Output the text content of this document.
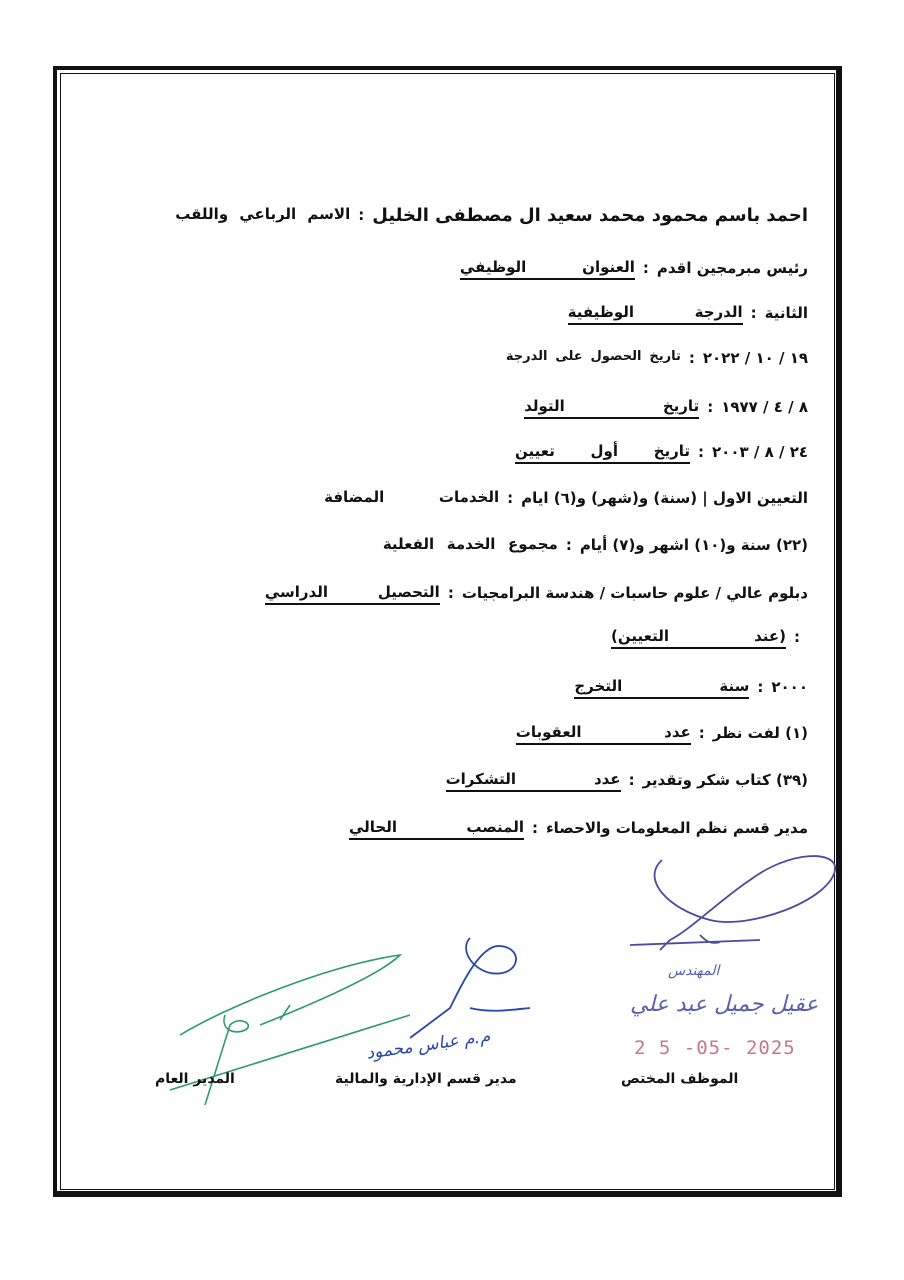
الاسم الرباعي واللقب : احمد باسم محمود محمد سعيد ال مصطفى الخليل
العنوان الوظيفي : رئيس مبرمجين اقدم
الدرجة الوظيفية : الثانية
تاريخ الحصول على الدرجة : ١٩ / ١٠ / ٢٠٢٢
تاريخ التولد : ٨ / ٤ / ١٩٧٧
تاريخ أول تعيين : ٢٤ / ٨ / ٢٠٠٣
الخدمات المضافة : التعيين الاول | (سنة) و(شهر) و(٦) ايام
مجموع الخدمة الفعلية : (٢٢) سنة و(١٠) اشهر و(٧) أيام
التحصيل الدراسي : دبلوم عالي / علوم حاسبات / هندسة البرامجيات
(عند التعيين) :
سنة التخرج : ٢٠٠٠
عدد العقوبات : (١) لفت نظر
عدد التشكرات : (٣٩) كتاب شكر وتقدير
المنصب الحالي : مدير قسم نظم المعلومات والاحصاء
المهندس
عقيل جميل عبد علي
2 5 -05- 2025
م.م عباس محمود
الموظف المختص
مدير قسم الإدارية والمالية
المدير العام
